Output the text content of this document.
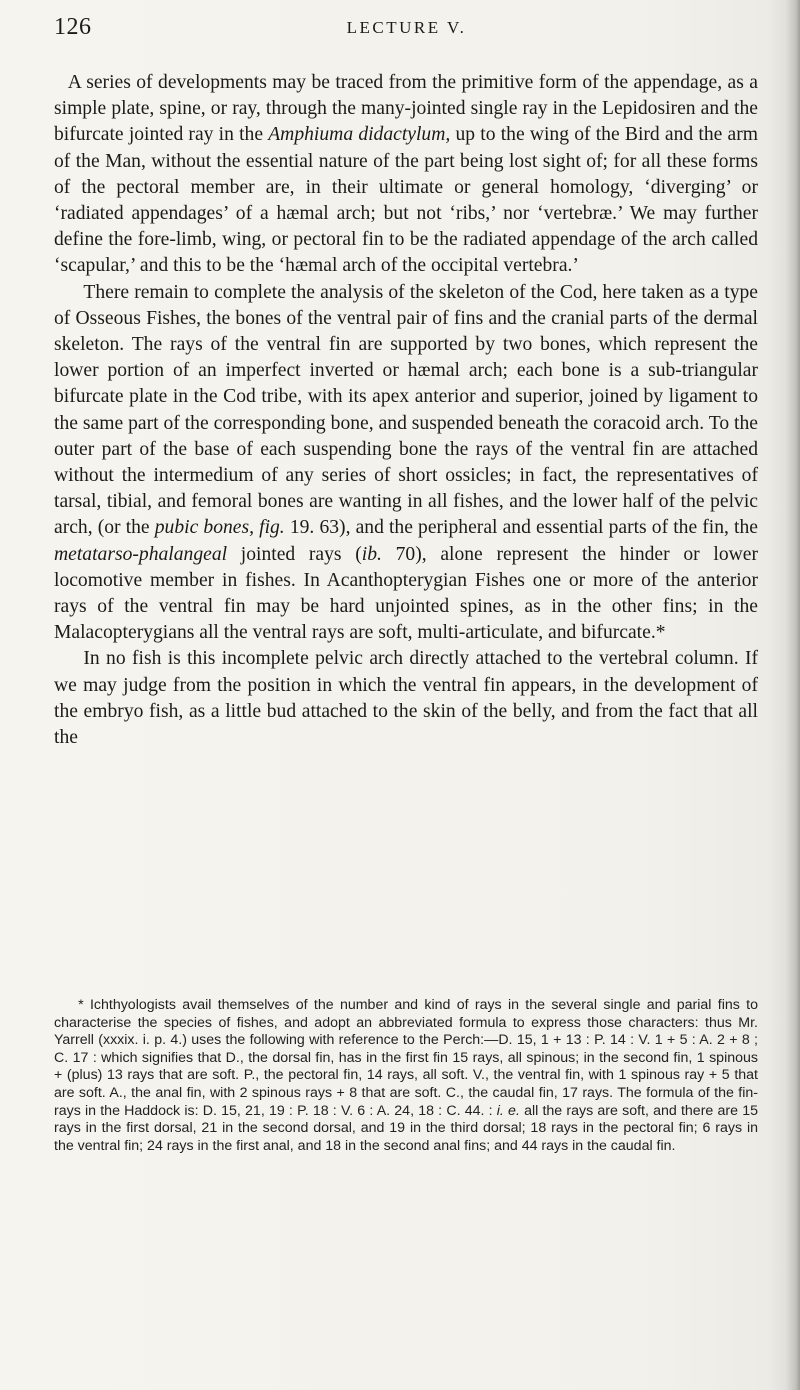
126	LECTURE V.

A series of developments may be traced from the primitive form of the appendage, as a simple plate, spine, or ray, through the many-jointed single ray in the Lepidosiren and the bifurcate jointed ray in the Amphiuma didactylum, up to the wing of the Bird and the arm of the Man, without the essential nature of the part being lost sight of; for all these forms of the pectoral member are, in their ultimate or general homology, ‘diverging’ or ‘radiated appendages’ of a hæmal arch; but not ‘ribs,’ nor ‘vertebræ.’ We may further define the fore-limb, wing, or pectoral fin to be the radiated appendage of the arch called ‘scapular,’ and this to be the ‘hæmal arch of the occipital vertebra.’

There remain to complete the analysis of the skeleton of the Cod, here taken as a type of Osseous Fishes, the bones of the ventral pair of fins and the cranial parts of the dermal skeleton. The rays of the ventral fin are supported by two bones, which represent the lower portion of an imperfect inverted or hæmal arch; each bone is a sub-triangular bifurcate plate in the Cod tribe, with its apex anterior and superior, joined by ligament to the same part of the corresponding bone, and suspended beneath the coracoid arch. To the outer part of the base of each suspending bone the rays of the ventral fin are attached without the intermedium of any series of short ossicles; in fact, the representatives of tarsal, tibial, and femoral bones are wanting in all fishes, and the lower half of the pelvic arch, (or the pubic bones, fig. 19. 63), and the peripheral and essential parts of the fin, the metatarso-phalangeal jointed rays (ib. 70), alone represent the hinder or lower locomotive member in fishes. In Acanthopterygian Fishes one or more of the anterior rays of the ventral fin may be hard unjointed spines, as in the other fins; in the Malacopterygians all the ventral rays are soft, multi-articulate, and bifurcate.*

In no fish is this incomplete pelvic arch directly attached to the vertebral column. If we may judge from the position in which the ventral fin appears, in the development of the embryo fish, as a little bud attached to the skin of the belly, and from the fact that all the

* Ichthyologists avail themselves of the number and kind of rays in the several single and parial fins to characterise the species of fishes, and adopt an abbreviated formula to express those characters: thus Mr. Yarrell (xxxix. i. p. 4.) uses the following with reference to the Perch:—D. 15, 1 + 13 : P. 14 : V. 1 + 5 : A. 2 + 8 ; C. 17 : which signifies that D., the dorsal fin, has in the first fin 15 rays, all spinous; in the second fin, 1 spinous + (plus) 13 rays that are soft. P., the pectoral fin, 14 rays, all soft. V., the ventral fin, with 1 spinous ray + 5 that are soft. A., the anal fin, with 2 spinous rays + 8 that are soft. C., the caudal fin, 17 rays. The formula of the fin-rays in the Haddock is: D. 15, 21, 19 : P. 18 : V. 6 : A. 24, 18 : C. 44. : i. e. all the rays are soft, and there are 15 rays in the first dorsal, 21 in the second dorsal, and 19 in the third dorsal; 18 rays in the pectoral fin; 6 rays in the ventral fin; 24 rays in the first anal, and 18 in the second anal fins; and 44 rays in the caudal fin.
